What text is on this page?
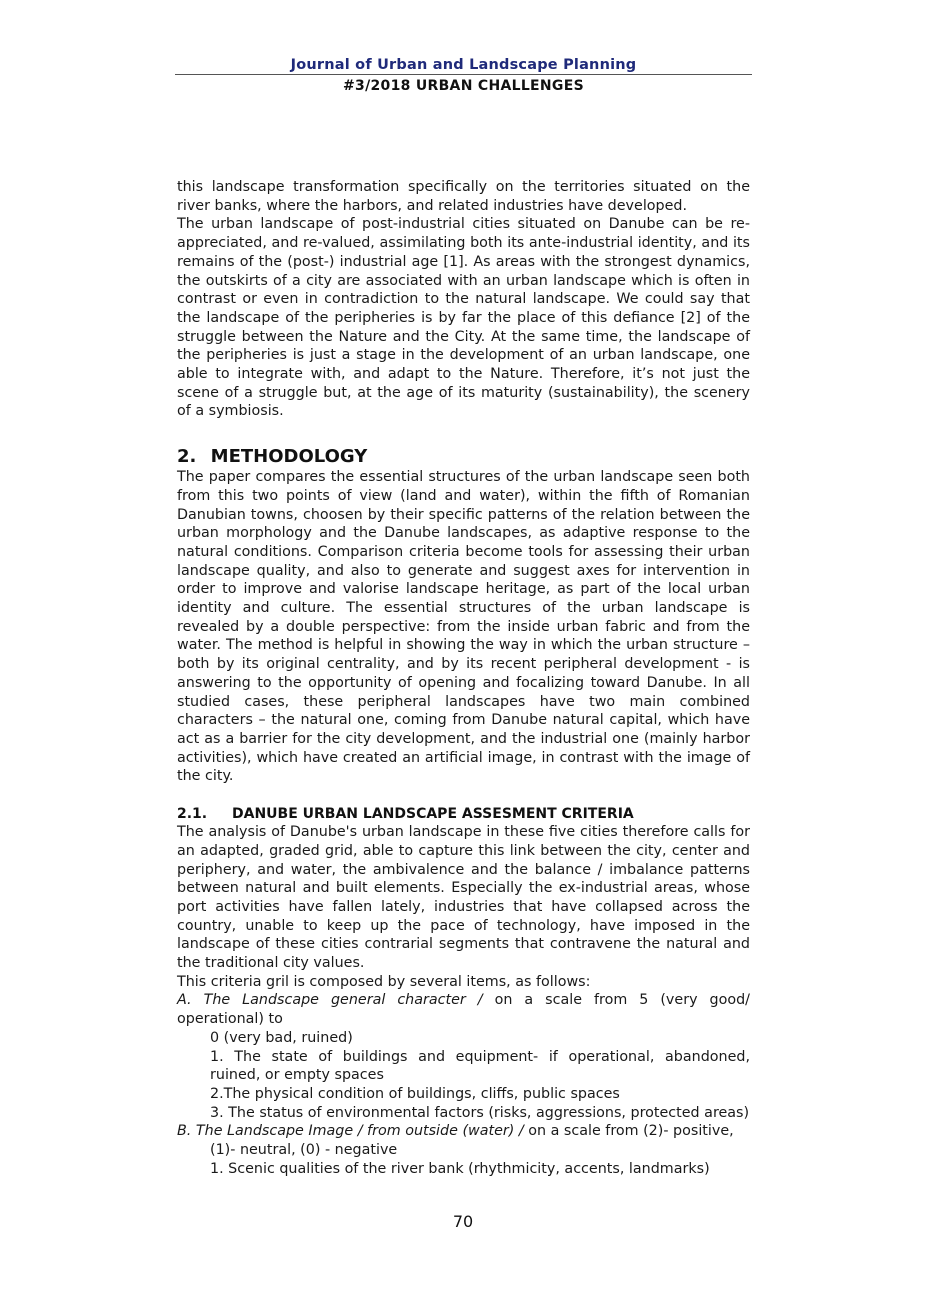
Journal of Urban and Landscape Planning
#3/2018 URBAN CHALLENGES

this landscape transformation specifically on the territories situated on the river banks, where the harbors, and related industries have developed.

The urban landscape of post-industrial cities situated on Danube can be re-appreciated, and re-valued, assimilating both its ante-industrial identity, and its remains of the (post-) industrial age [1]. As areas with the strongest dynamics, the outskirts of a city are associated with an urban landscape which is often in contrast or even in contradiction to the natural landscape. We could say that the landscape of the peripheries is by far the place of this defiance [2] of the struggle between the Nature and the City. At the same time, the landscape of the peripheries is just a stage in the development of an urban landscape, one able to integrate with, and adapt to the Nature. Therefore, it’s not just the scene of a struggle but, at the age of its maturity (sustainability), the scenery of a symbiosis.

2. METHODOLOGY

The paper compares the essential structures of the urban landscape seen both from this two points of view (land and water), within the fifth of Romanian Danubian towns, choosen by their specific patterns of the relation between the urban morphology and the Danube landscapes, as adaptive response to the natural conditions. Comparison criteria become tools for assessing their urban landscape quality, and also to generate and suggest axes for intervention in order to improve and valorise landscape heritage, as part of the local urban identity and culture. The essential structures of the urban landscape is revealed by a double perspective: from the inside urban fabric and from the water. The method is helpful in showing the way in which the urban structure – both by its original centrality, and by its recent peripheral development - is answering to the opportunity of opening and focalizing toward Danube. In all studied cases, these peripheral landscapes have two main combined characters – the natural one, coming from Danube natural capital, which have act as a barrier for the city development, and the industrial one (mainly harbor activities), which have created an artificial image, in contrast with the image of the city.

2.1. DANUBE URBAN LANDSCAPE ASSESMENT CRITERIA

The analysis of Danube's urban landscape in these five cities therefore calls for an adapted, graded grid, able to capture this link between the city, center and periphery, and water, the ambivalence and the balance / imbalance patterns between natural and built elements. Especially the ex-industrial areas, whose port activities have fallen lately, industries that have collapsed across the country, unable to keep up the pace of technology, have imposed in the landscape of these cities contrarial segments that contravene the natural and the traditional city values.

This criteria gril is composed by several items, as follows:

A. The Landscape general character / on a scale from 5 (very good/ operational) to

0 (very bad, ruined)

1. The state of buildings and equipment- if operational, abandoned, ruined, or empty spaces

2.The physical condition of buildings, cliffs, public spaces

3. The status of environmental factors (risks, aggressions, protected areas)

B. The Landscape Image / from outside (water) / on a scale from (2)- positive,

(1)- neutral, (0) - negative

1. Scenic qualities of the river bank (rhythmicity, accents, landmarks)

70
